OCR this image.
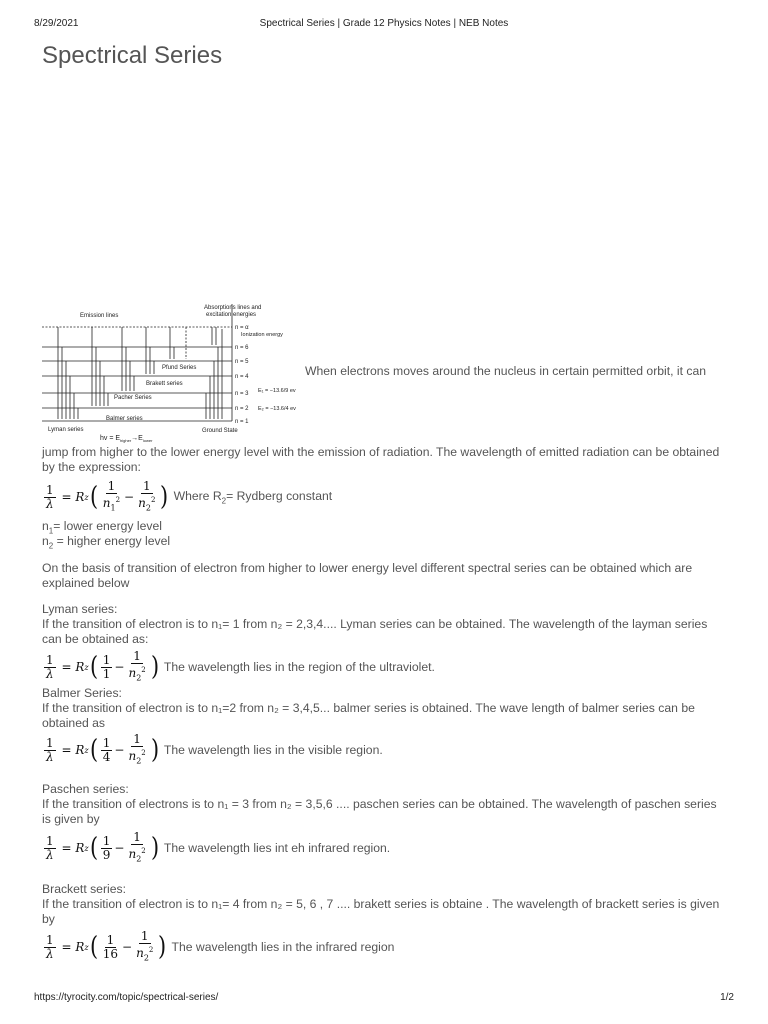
8/29/2021	Spectrical Series | Grade 12 Physics Notes | NEB Notes
Spectrical Series
Emission lines
Absorptions lines and
excitation energies
n = α
Ionization energy
n = 6
n = 5
n = 4
n = 3
n = 2
n = 1
E₁ = −13.6/9 ev
E₂ = −13.6/4 ev
Balmer series
Pacher Series
Brakett series
Pfund Series
Lyman series	Ground State
hv = $E_{higher}\to E_{lower}$
When electrons moves around the nucleus in certain permitted orbit, it can
jump from higher to the lower energy level with the emission of radiation. The wavelength of emitted radiation can be obtained by the expression:
$\frac{1}{\lambda} = R$ z ( $\frac{1}{n_1^2} - \frac{1}{n_2^2}$ ) Where $R_2=$ Rydberg constant
$n_1=$ lower energy level
$n_2$ = higher energy level
On the basis of transition of electron from higher to lower energy level different spectral series can be obtained which are explained below
Lyman series:
If the transition of electron is to n₁= 1 from n₂ = 2,3,4.... Lyman series can be obtained. The wavelength of the layman series can be obtained as:
$\frac{1}{\lambda} = R$ z ( $\frac{1}{1} - \frac{1}{n_2^2}$ ) The wavelength lies in the region of the ultraviolet.
Balmer Series:
If the transition of electron is to n₁=2 from n₂ = 3,4,5... balmer series is obtained. The wave length of balmer series can be obtained as
$\frac{1}{\lambda} = R$ z ( $\frac{1}{4} - \frac{1}{n_2^2}$ ) The wavelength lies in the visible region.
Paschen series:
If the transition of electrons is to n₁ = 3 from n₂ = 3,5,6 .... paschen series can be obtained. The wavelength of paschen series is given by
$\frac{1}{\lambda} = R$ z ( $\frac{1}{9} - \frac{1}{n_2^2}$ ) The wavelength lies int eh infrared region.
Brackett series:
If the transition of electron is to n₁= 4 from n₂ = 5, 6 , 7 .... brakett series is obtaine . The wavelength of brackett series is given by
$\frac{1}{\lambda} = R$ z ( $\frac{1}{16} - \frac{1}{n_2^2}$ ) The wavelength lies in the infrared region
https://tyrocity.com/topic/spectrical-series/	1/2
